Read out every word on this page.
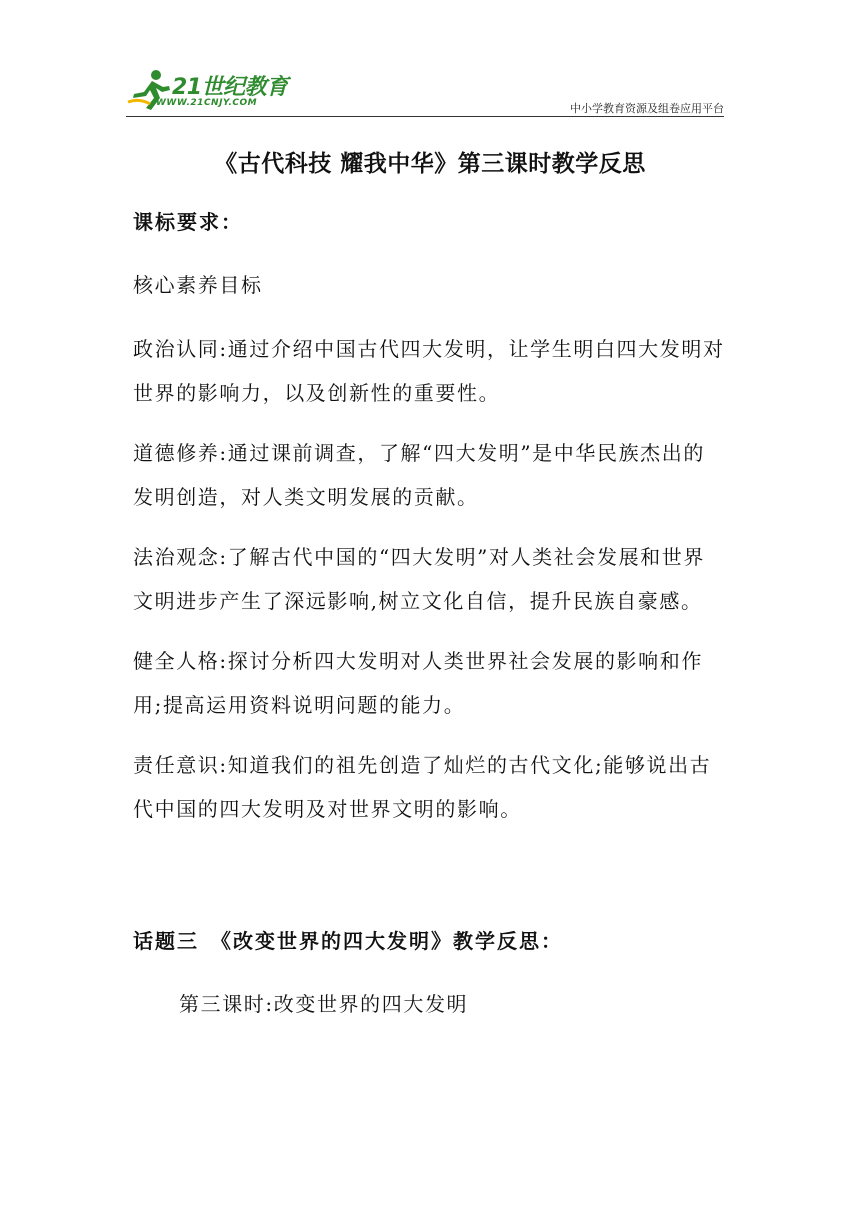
21世纪教育
WWW.21CNJY.COM	中小学教育资源及组卷应用平台
《古代科技 耀我中华》第三课时教学反思
课标要求：
核心素养目标
政治认同:通过介绍中国古代四大发明，让学生明白四大发明对世界的影响力，以及创新性的重要性。
道德修养:通过课前调查，了解“四大发明”是中华民族杰出的发明创造，对人类文明发展的贡献。
法治观念:了解古代中国的“四大发明”对人类社会发展和世界文明进步产生了深远影响,树立文化自信，提升民族自豪感。
健全人格:探讨分析四大发明对人类世界社会发展的影响和作用;提高运用资料说明问题的能力。
责任意识:知道我们的祖先创造了灿烂的古代文化;能够说出古代中国的四大发明及对世界文明的影响。
话题三　《改变世界的四大发明》教学反思：
第三课时:改变世界的四大发明
